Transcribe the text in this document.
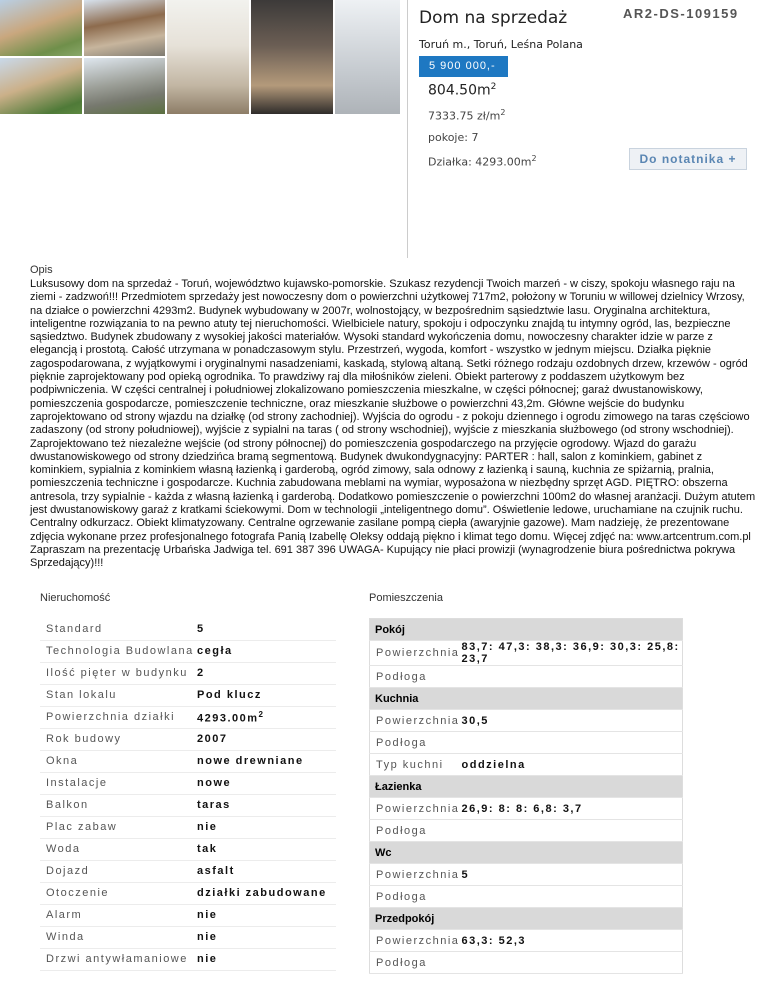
Dom na sprzedaż	AR2-DS-109159
Toruń m., Toruń, Leśna Polana
5 900 000,-
$804.50m^2$
7333.75 $zł/m^2$
pokoje: 7
Działka: $4293.00m^2$	Do notatnika +
Opis
Luksusowy dom na sprzedaż - Toruń, województwo kujawsko-pomorskie. Szukasz rezydencji Twoich marzeń - w ciszy, spokoju własnego raju na ziemi - zadzwoń!!! Przedmiotem sprzedaży jest nowoczesny dom o powierzchni użytkowej 717m2, położony w Toruniu w willowej dzielnicy Wrzosy, na działce o powierzchni 4293m2. Budynek wybudowany w 2007r, wolnostojący, w bezpośrednim sąsiedztwie lasu. Oryginalna architektura, inteligentne rozwiązania to na pewno atuty tej nieruchomości. Wielbiciele natury, spokoju i odpoczynku znajdą tu intymny ogród, las, bezpieczne sąsiedztwo. Budynek zbudowany z wysokiej jakości materiałów. Wysoki standard wykończenia domu, nowoczesny charakter idzie w parze z elegancją i prostotą. Całość utrzymana w ponadczasowym stylu. Przestrzeń, wygoda, komfort - wszystko w jednym miejscu. Działka pięknie zagospodarowana, z wyjątkowymi i oryginalnymi nasadzeniami, kaskadą, stylową altaną. Setki różnego rodzaju ozdobnych drzew, krzewów - ogród pięknie zaprojektowany pod opieką ogrodnika. To prawdziwy raj dla miłośników zieleni. Obiekt parterowy z poddaszem użytkowym bez podpiwniczenia. W części centralnej i południowej zlokalizowano pomieszczenia mieszkalne, w części północnej; garaż dwustanowiskowy, pomieszczenia gospodarcze, pomieszczenie techniczne, oraz mieszkanie służbowe o powierzchni 43,2m. Główne wejście do budynku zaprojektowano od strony wjazdu na działkę (od strony zachodniej). Wyjścia do ogrodu - z pokoju dziennego i ogrodu zimowego na taras częściowo zadaszony (od strony południowej), wyjście z sypialni na taras ( od strony wschodniej), wyjście z mieszkania służbowego (od strony wschodniej). Zaprojektowano też niezależne wejście (od strony północnej) do pomieszczenia gospodarczego na przyjęcie ogrodowy. Wjazd do garażu dwustanowiskowego od strony dziedzińca bramą segmentową. Budynek dwukondygnacyjny: PARTER : hall, salon z kominkiem, gabinet z kominkiem, sypialnia z kominkiem własną łazienką i garderobą, ogród zimowy, sala odnowy z łazienką i sauną, kuchnia ze spiżarnią, pralnia, pomieszczenia techniczne i gospodarcze. Kuchnia zabudowana meblami na wymiar, wyposażona w niezbędny sprzęt AGD. PIĘTRO: obszerna antresola, trzy sypialnie - każda z własną łazienką i garderobą. Dodatkowo pomieszczenie o powierzchni 100m2 do własnej aranżacji. Dużym atutem jest dwustanowiskowy garaż z kratkami ściekowymi. Dom w technologii „inteligentnego domu”. Oświetlenie ledowe, uruchamiane na czujnik ruchu. Centralny odkurzacz. Obiekt klimatyzowany. Centralne ogrzewanie zasilane pompą ciepła (awaryjnie gazowe). Mam nadzieję, że prezentowane zdjęcia wykonane przez profesjonalnego fotografa Panią Izabellę Oleksy oddają piękno i klimat tego domu. Więcej zdjęć na: www.artcentrum.com.pl Zapraszam na prezentację Urbańska Jadwiga tel. 691 387 396 UWAGA- Kupujący nie płaci prowizji (wynagrodzenie biura pośrednictwa pokrywa Sprzedający)!!!
Nieruchomość	Pomieszczenia
Standard	5
Technologia Budowlana	cegła
Ilość pięter w budynku	2
Stan lokalu	Pod klucz
Powierzchnia działki	$4293.00m^2$
Rok budowy	2007
Okna	nowe drewniane
Instalacje	nowe
Balkon	taras
Plac zabaw	nie
Woda	tak
Dojazd	asfalt
Otoczenie	działki zabudowane
Alarm	nie
Winda	nie
Drzwi antywłamaniowe	nie
Pokój	
Powierzchnia	83,7: 47,3: 38,3: 36,9: 30,3: 25,8: 23,7
Podłoga	
Kuchnia	
Powierzchnia	30,5
Podłoga	
Typ kuchni	oddzielna
Łazienka	
Powierzchnia	26,9: 8: 8: 6,8: 3,7
Podłoga	
Wc	
Powierzchnia	5
Podłoga	
Przedpokój	
Powierzchnia	63,3: 52,3
Podłoga	
